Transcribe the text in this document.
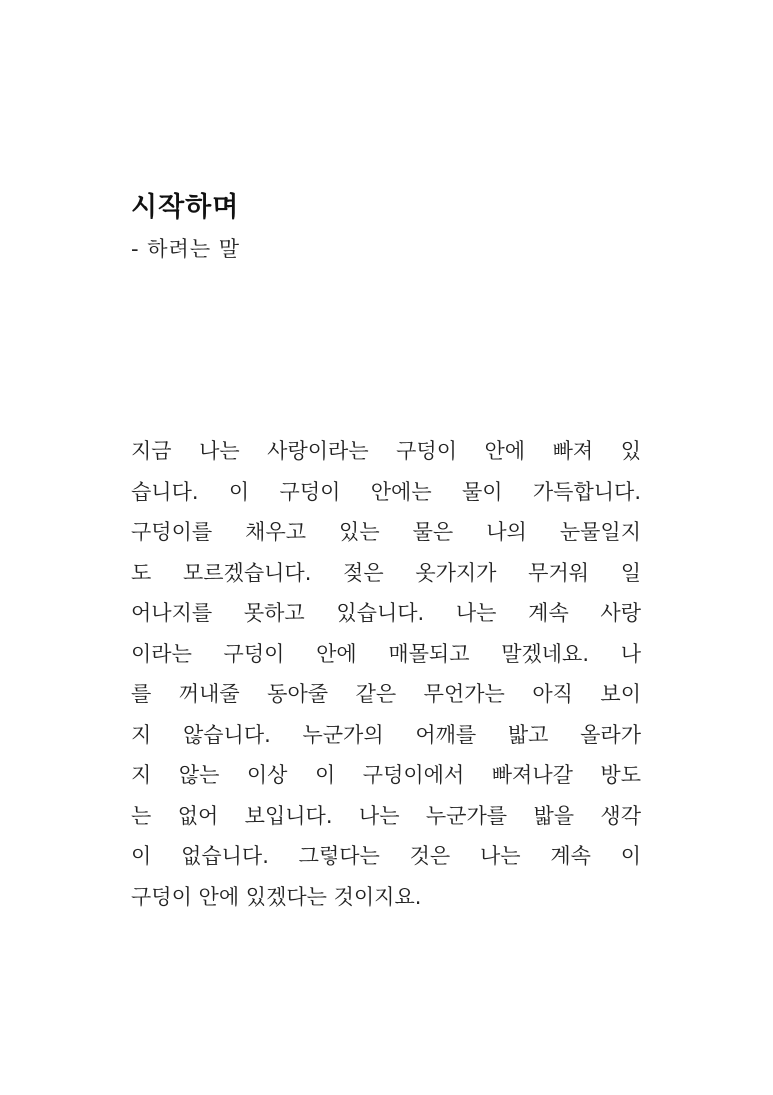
시작하며
- 하려는 말
지금 나는 사랑이라는 구덩이 안에 빠져 있
습니다. 이 구덩이 안에는 물이 가득합니다.
구덩이를 채우고 있는 물은 나의 눈물일지
도 모르겠습니다. 젖은 옷가지가 무거워 일
어나지를 못하고 있습니다. 나는 계속 사랑
이라는 구덩이 안에 매몰되고 말겠네요. 나
를 꺼내줄 동아줄 같은 무언가는 아직 보이
지 않습니다. 누군가의 어깨를 밟고 올라가
지 않는 이상 이 구덩이에서 빠져나갈 방도
는 없어 보입니다. 나는 누군가를 밟을 생각
이 없습니다. 그렇다는 것은 나는 계속 이
구덩이 안에 있겠다는 것이지요.
